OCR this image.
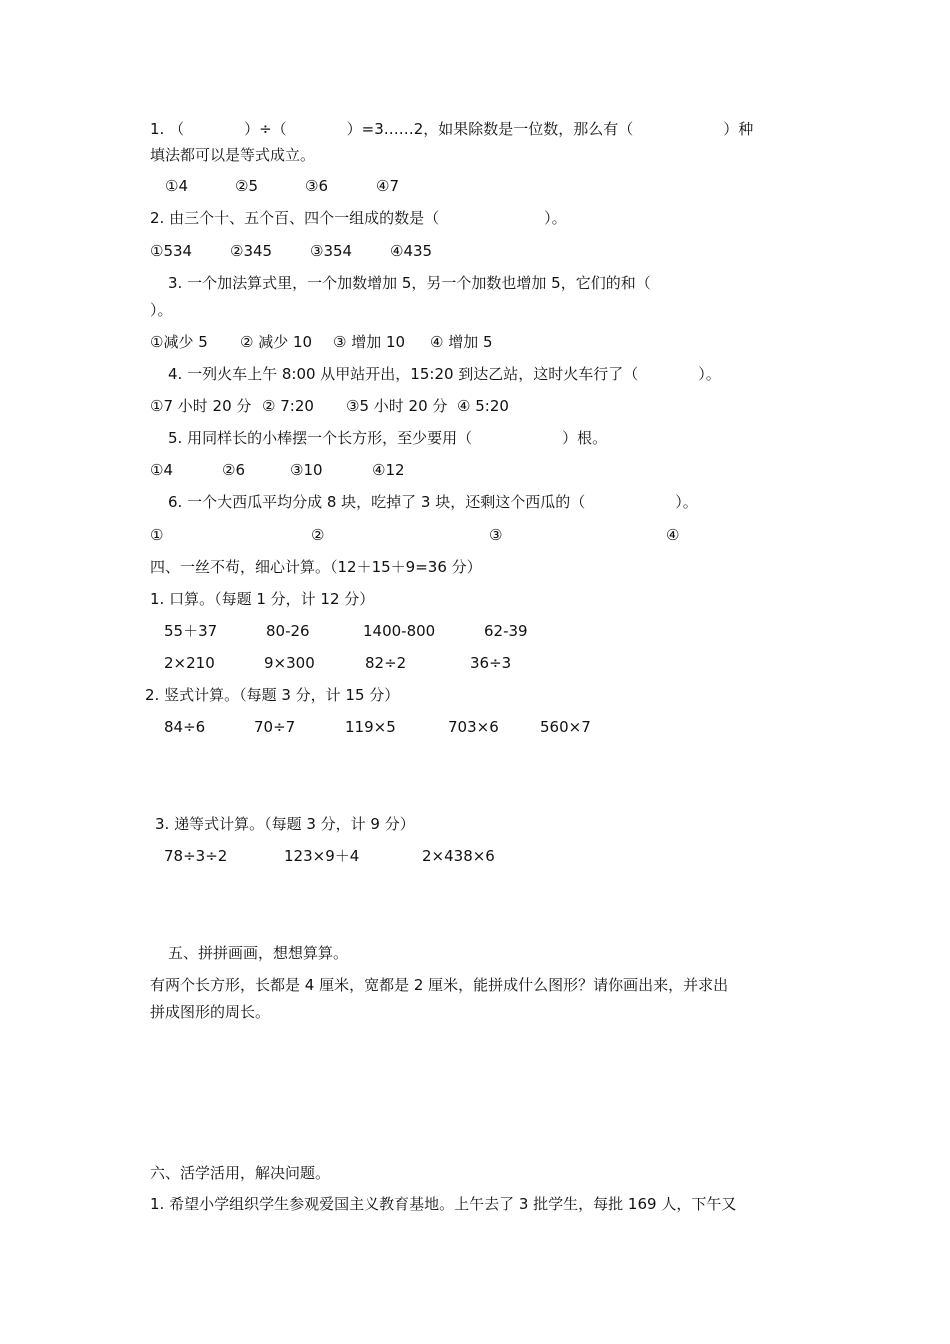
1. （　　　　）÷（　　　　）=3……2，如果除数是一位数，那么有（　　　　　　）种
填法都可以是等式成立。
①4	②5	③6	④7
2. 由三个十、五个百、四个一组成的数是（　　　　　　　）。
①534	②345	③354	④435
3. 一个加法算式里，一个加数增加 5，另一个加数也增加 5，它们的和（
）。
①减少 5 ② 减少 10 ③ 增加 10 ④ 增加 5
4. 一列火车上午 8:00 从甲站开出，15:20 到达乙站，这时火车行了（　　　　）。
①7 小时 20 分 ② 7:20 ③5 小时 20 分 ④ 5:20
5. 用同样长的小棒摆一个长方形，至少要用（　　　　　　）根。
①4	②6	③10	④12
6. 一个大西瓜平均分成 8 块，吃掉了 3 块，还剩这个西瓜的（　　　　　　）。
①	②	③	④
四、一丝不苟，细心计算。（12＋15＋9=36 分）
1. 口算。（每题 1 分，计 12 分）
55＋37	80-26	1400-800	62-39
2×210	9×300	82÷2	36÷3
2. 竖式计算。（每题 3 分，计 15 分）
84÷6	70÷7	119×5	703×6	560×7
3. 递等式计算。（每题 3 分，计 9 分）
78÷3÷2	123×9＋4	2×438×6
五、拼拼画画，想想算算。
有两个长方形，长都是 4 厘米，宽都是 2 厘米，能拼成什么图形？请你画出来，并求出
拼成图形的周长。
六、活学活用，解决问题。
1. 希望小学组织学生参观爱国主义教育基地。上午去了 3 批学生，每批 169 人，下午又
